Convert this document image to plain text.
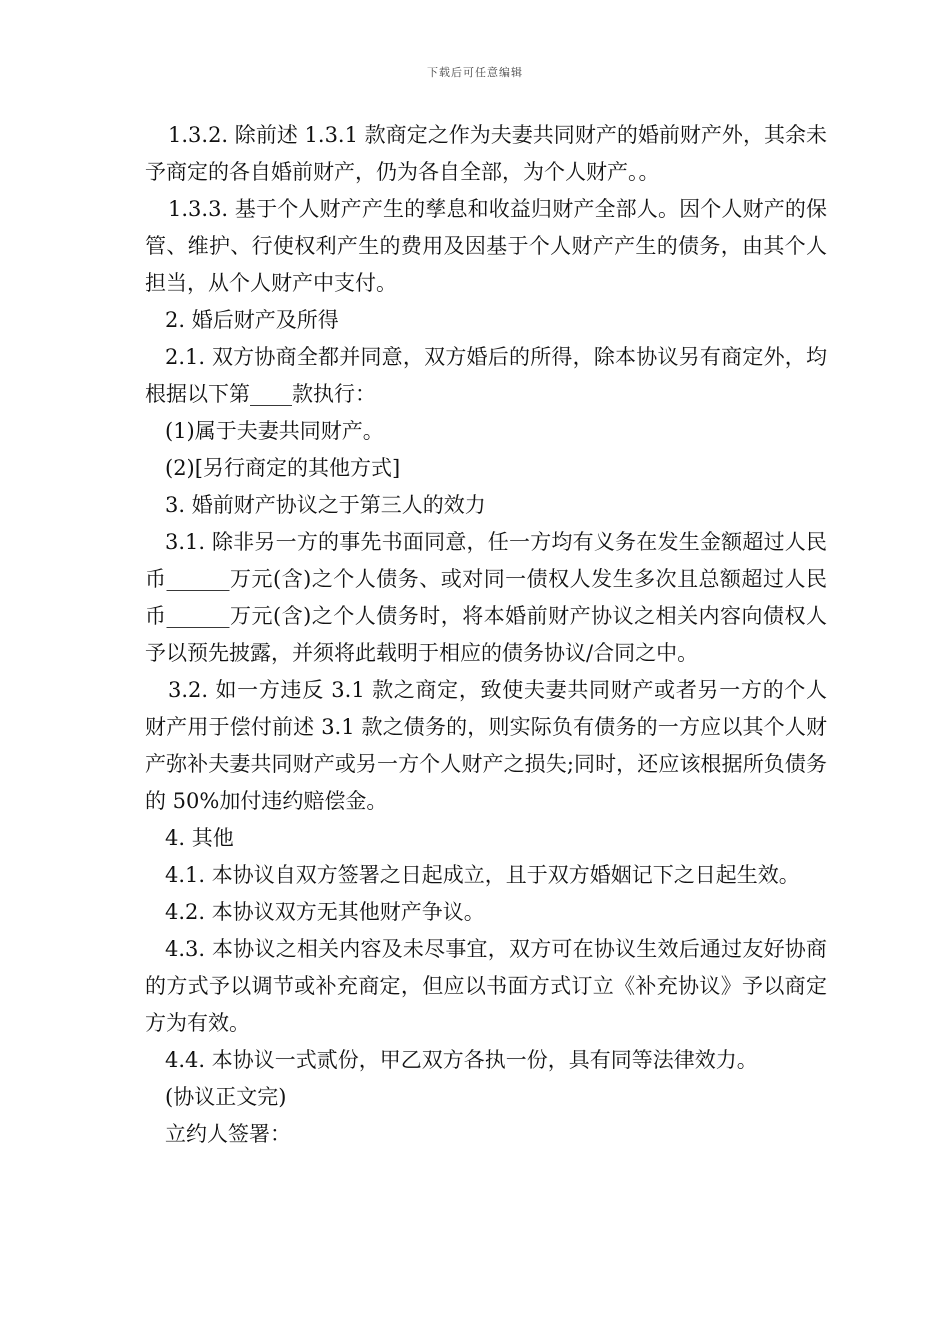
下载后可任意编辑

1.3.2. 除前述 1.3.1 款商定之作为夫妻共同财产的婚前财产外，其余未予商定的各自婚前财产，仍为各自全部，为个人财产。。

1.3.3. 基于个人财产产生的孳息和收益归财产全部人。因个人财产的保管、维护、行使权利产生的费用及因基于个人财产产生的债务，由其个人担当，从个人财产中支付。

2. 婚后财产及所得

2.1. 双方协商全都并同意，双方婚后的所得，除本协议另有商定外，均根据以下第____款执行：

(1)属于夫妻共同财产。

(2)[另行商定的其他方式]

3. 婚前财产协议之于第三人的效力

3.1. 除非另一方的事先书面同意，任一方均有义务在发生金额超过人民币______万元(含)之个人债务、或对同一债权人发生多次且总额超过人民币______万元(含)之个人债务时，将本婚前财产协议之相关内容向债权人予以预先披露，并须将此载明于相应的债务协议/合同之中。

3.2. 如一方违反 3.1 款之商定，致使夫妻共同财产或者另一方的个人财产用于偿付前述 3.1 款之债务的，则实际负有债务的一方应以其个人财产弥补夫妻共同财产或另一方个人财产之损失;同时，还应该根据所负债务的 50%加付违约赔偿金。

4. 其他

4.1. 本协议自双方签署之日起成立，且于双方婚姻记下之日起生效。

4.2. 本协议双方无其他财产争议。

4.3. 本协议之相关内容及未尽事宜，双方可在协议生效后通过友好协商的方式予以调节或补充商定，但应以书面方式订立《补充协议》予以商定方为有效。

4.4. 本协议一式贰份，甲乙双方各执一份，具有同等法律效力。

(协议正文完)

立约人签署：
